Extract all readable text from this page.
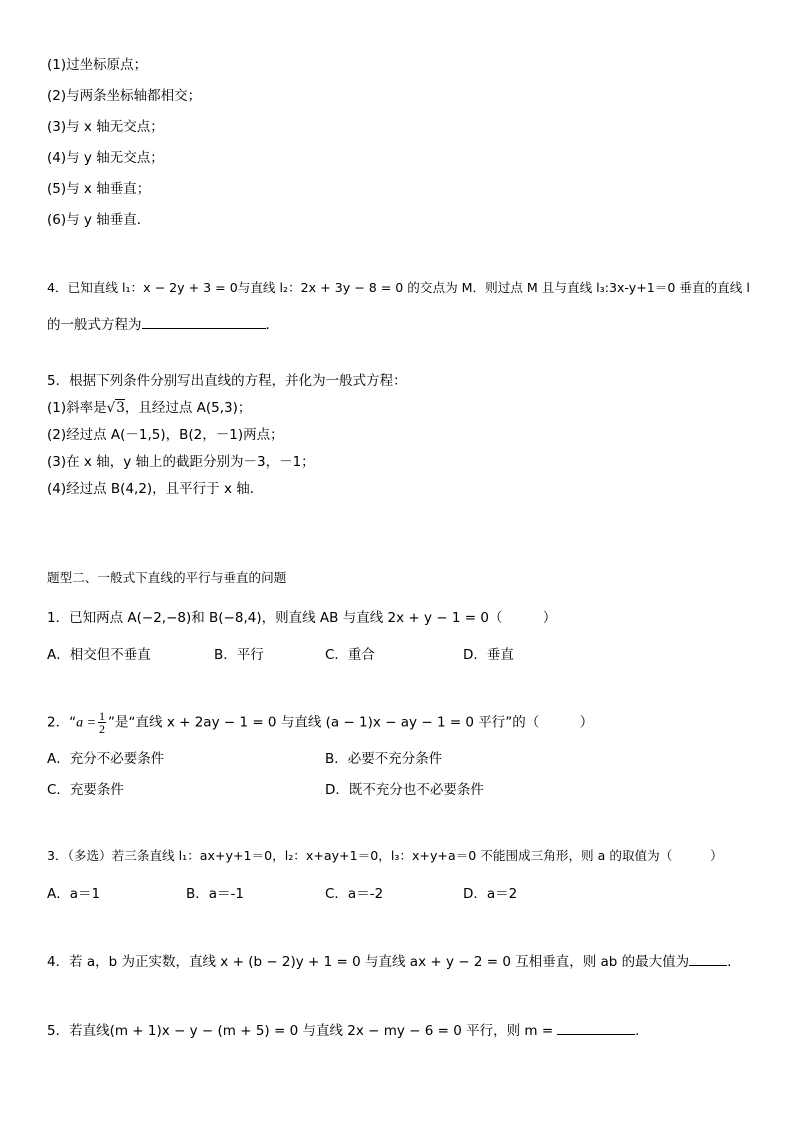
(1)过坐标原点；
(2)与两条坐标轴都相交；
(3)与 x 轴无交点；
(4)与 y 轴无交点；
(5)与 x 轴垂直；
(6)与 y 轴垂直．
4．已知直线 l₁：x − 2y + 3 = 0与直线 l₂：2x + 3y − 8 = 0 的交点为 M．则过点 M 且与直线 l₃:3x-y+1＝0 垂直的直线 l
的一般式方程为	．
5．根据下列条件分别写出直线的方程，并化为一般式方程：
(1)斜率是√3，且经过点 A(5,3)；
(2)经过点 A(－1,5)，B(2，－1)两点；
(3)在 x 轴，y 轴上的截距分别为－3，－1；
(4)经过点 B(4,2)，且平行于 x 轴．
题型二、一般式下直线的平行与垂直的问题
1．已知两点 A(−2,−8)和 B(−8,4)，则直线 AB 与直线 2x + y − 1 = 0（　　　）
A．相交但不垂直	B．平行	C．重合	D．垂直
2．“$a = \frac{1}{2}$ ”是“直线 x + 2ay − 1 = 0 与直线 (a − 1)x − ay − 1 = 0 平行”的（　　　）
A．充分不必要条件	B．必要不充分条件
C．充要条件	D．既不充分也不必要条件
3．（多选）若三条直线 l₁：ax+y+1＝0，l₂：x+ay+1＝0，l₃：x+y+a＝0 不能围成三角形，则 a 的取值为（　　　）
A．a＝1	B．a＝-1	C．a＝-2	D．a＝2
4．若 a，b 为正实数，直线 x + (b − 2)y + 1 = 0 与直线 ax + y − 2 = 0 互相垂直，则 ab 的最大值为	.
5．若直线(m + 1)x − y − (m + 5) = 0 与直线 2x − my − 6 = 0 平行，则 m =	.
